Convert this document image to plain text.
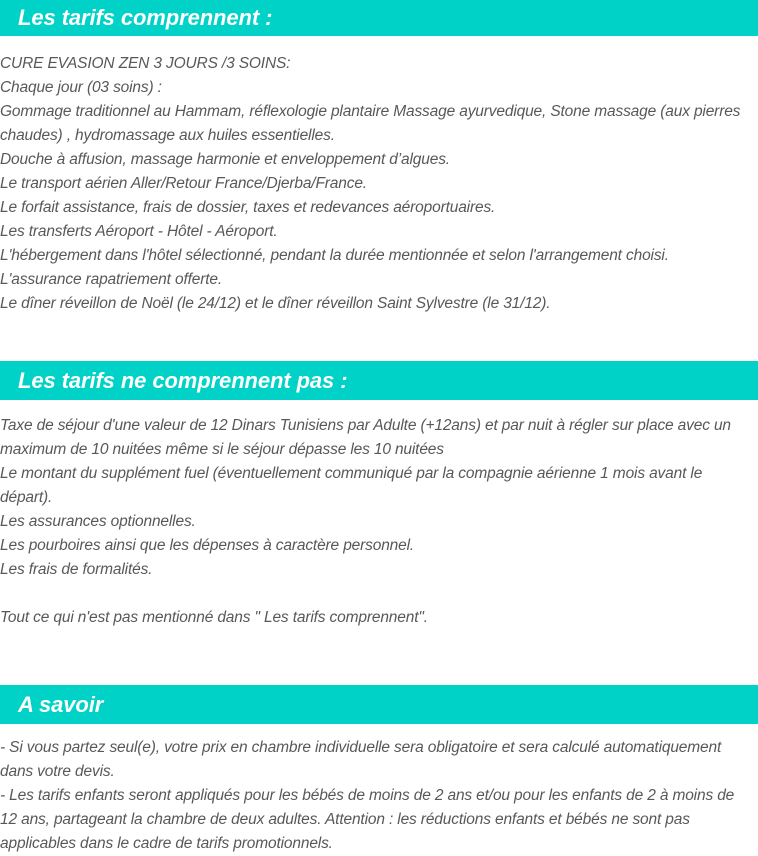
Les tarifs comprennent :

CURE EVASION ZEN 3 JOURS /3 SOINS:

Chaque jour (03 soins) :

Gommage traditionnel au Hammam, réflexologie plantaire Massage ayurvedique, Stone massage (aux pierres chaudes) , hydromassage aux huiles essentielles.

Douche à affusion, massage harmonie et enveloppement d’algues.

Le transport aérien Aller/Retour France/Djerba/France.

Le forfait assistance, frais de dossier, taxes et redevances aéroportuaires.

Les transferts Aéroport - Hôtel - Aéroport.

L'hébergement dans l'hôtel sélectionné, pendant la durée mentionnée et selon l'arrangement choisi.

L'assurance rapatriement offerte.

Le dîner réveillon de Noël (le 24/12) et le dîner réveillon Saint Sylvestre (le 31/12).

Les tarifs ne comprennent pas :

Taxe de séjour d'une valeur de 12 Dinars Tunisiens par Adulte (+12ans) et par nuit à régler sur place avec un maximum de 10 nuitées même si le séjour dépasse les 10 nuitées

Le montant du supplément fuel (éventuellement communiqué par la compagnie aérienne 1 mois avant le départ).

Les assurances optionnelles.

Les pourboires ainsi que les dépenses à caractère personnel.

Les frais de formalités.

Tout ce qui n'est pas mentionné dans " Les tarifs comprennent".

A savoir

- Si vous partez seul(e), votre prix en chambre individuelle sera obligatoire et sera calculé automatiquement dans votre devis.

- Les tarifs enfants seront appliqués pour les bébés de moins de 2 ans et/ou pour les enfants de 2 à moins de 12 ans, partageant la chambre de deux adultes. Attention : les réductions enfants et bébés ne sont pas applicables dans le cadre de tarifs promotionnels.
